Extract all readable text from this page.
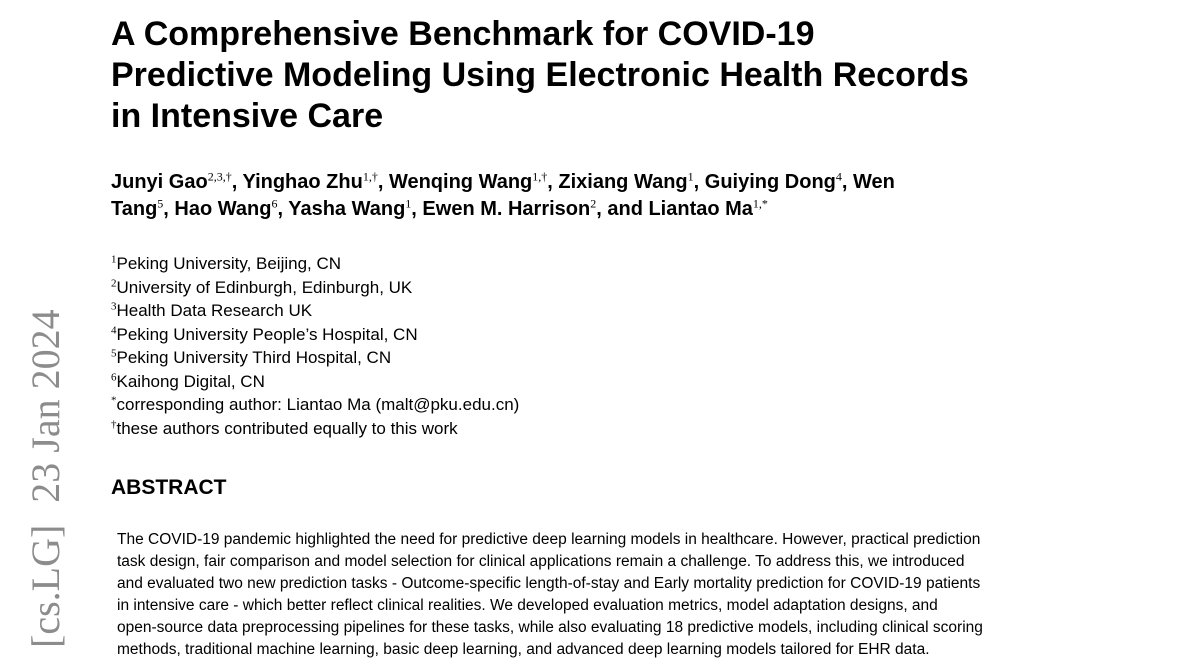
[cs.LG]23 Jan 2024
A Comprehensive Benchmark for COVID-19
Predictive Modeling Using Electronic Health Records
in Intensive Care
Junyi Gao$^{2,3,\dagger}$, Yinghao Zhu$^{1,\dagger}$, Wenqing Wang$^{1,\dagger}$, Zixiang Wang$^1$, Guiying Dong$^4$, Wen
Tang$^5$, Hao Wang$^6$, Yasha Wang$^1$, Ewen M. Harrison$^2$, and Liantao $Ma^{1,*}$
$^1$Peking University, Beijing, CN
$^2$University of Edinburgh, Edinburgh, UK
$^3$Health Data Research UK
$^4$Peking University People’s Hospital, CN
$^5$Peking University Third Hospital, CN
$^6$Kaihong Digital, CN
*corresponding author: Liantao Ma (malt@pku.edu.cn)
†these authors contributed equally to this work
ABSTRACT
The COVID-19 pandemic highlighted the need for predictive deep learning models in healthcare. However, practical prediction
task design, fair comparison and model selection for clinical applications remain a challenge. To address this, we introduced
and evaluated two new prediction tasks - Outcome-specific length-of-stay and Early mortality prediction for COVID-19 patients
in intensive care - which better reflect clinical realities. We developed evaluation metrics, model adaptation designs, and
open-source data preprocessing pipelines for these tasks, while also evaluating 18 predictive models, including clinical scoring
methods, traditional machine learning, basic deep learning, and advanced deep learning models tailored for EHR data.
